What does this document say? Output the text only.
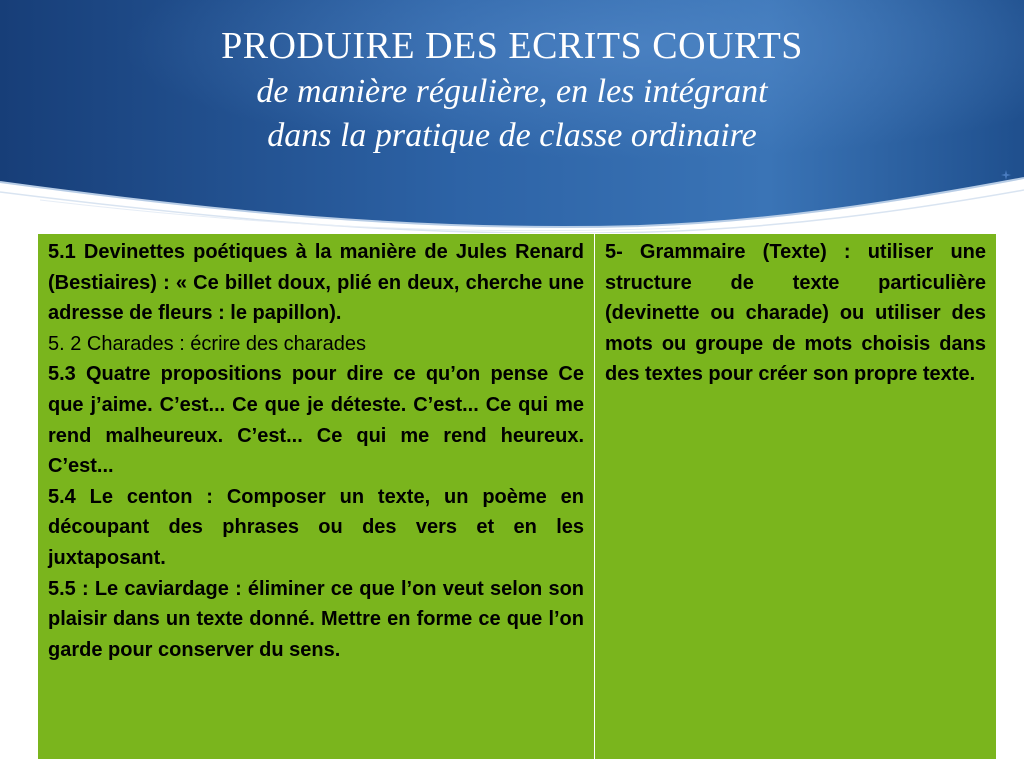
PRODUIRE DES ECRITS COURTS
de manière régulière, en les intégrant
dans la pratique de classe ordinaire
5.1 Devinettes poétiques à la manière de Jules Renard (Bestiaires) : « Ce billet doux, plié en deux, cherche une adresse de fleurs : le papillon).
5. 2 Charades : écrire des charades
5.3 Quatre propositions pour dire ce qu’on pense Ce que j’aime. C’est... Ce que je déteste. C’est... Ce qui me rend malheureux. C’est... Ce qui me rend heureux. C’est...
5.4 Le centon : Composer un texte, un poème en découpant des phrases ou des vers et en les juxtaposant.
5.5 : Le caviardage : éliminer ce que l’on veut selon son plaisir dans un texte donné. Mettre en forme ce que l’on garde pour conserver du sens.

5- Grammaire (Texte) : utiliser une structure de texte particulière (devinette ou charade) ou utiliser des mots ou groupe de mots choisis dans des textes pour créer son propre texte.
